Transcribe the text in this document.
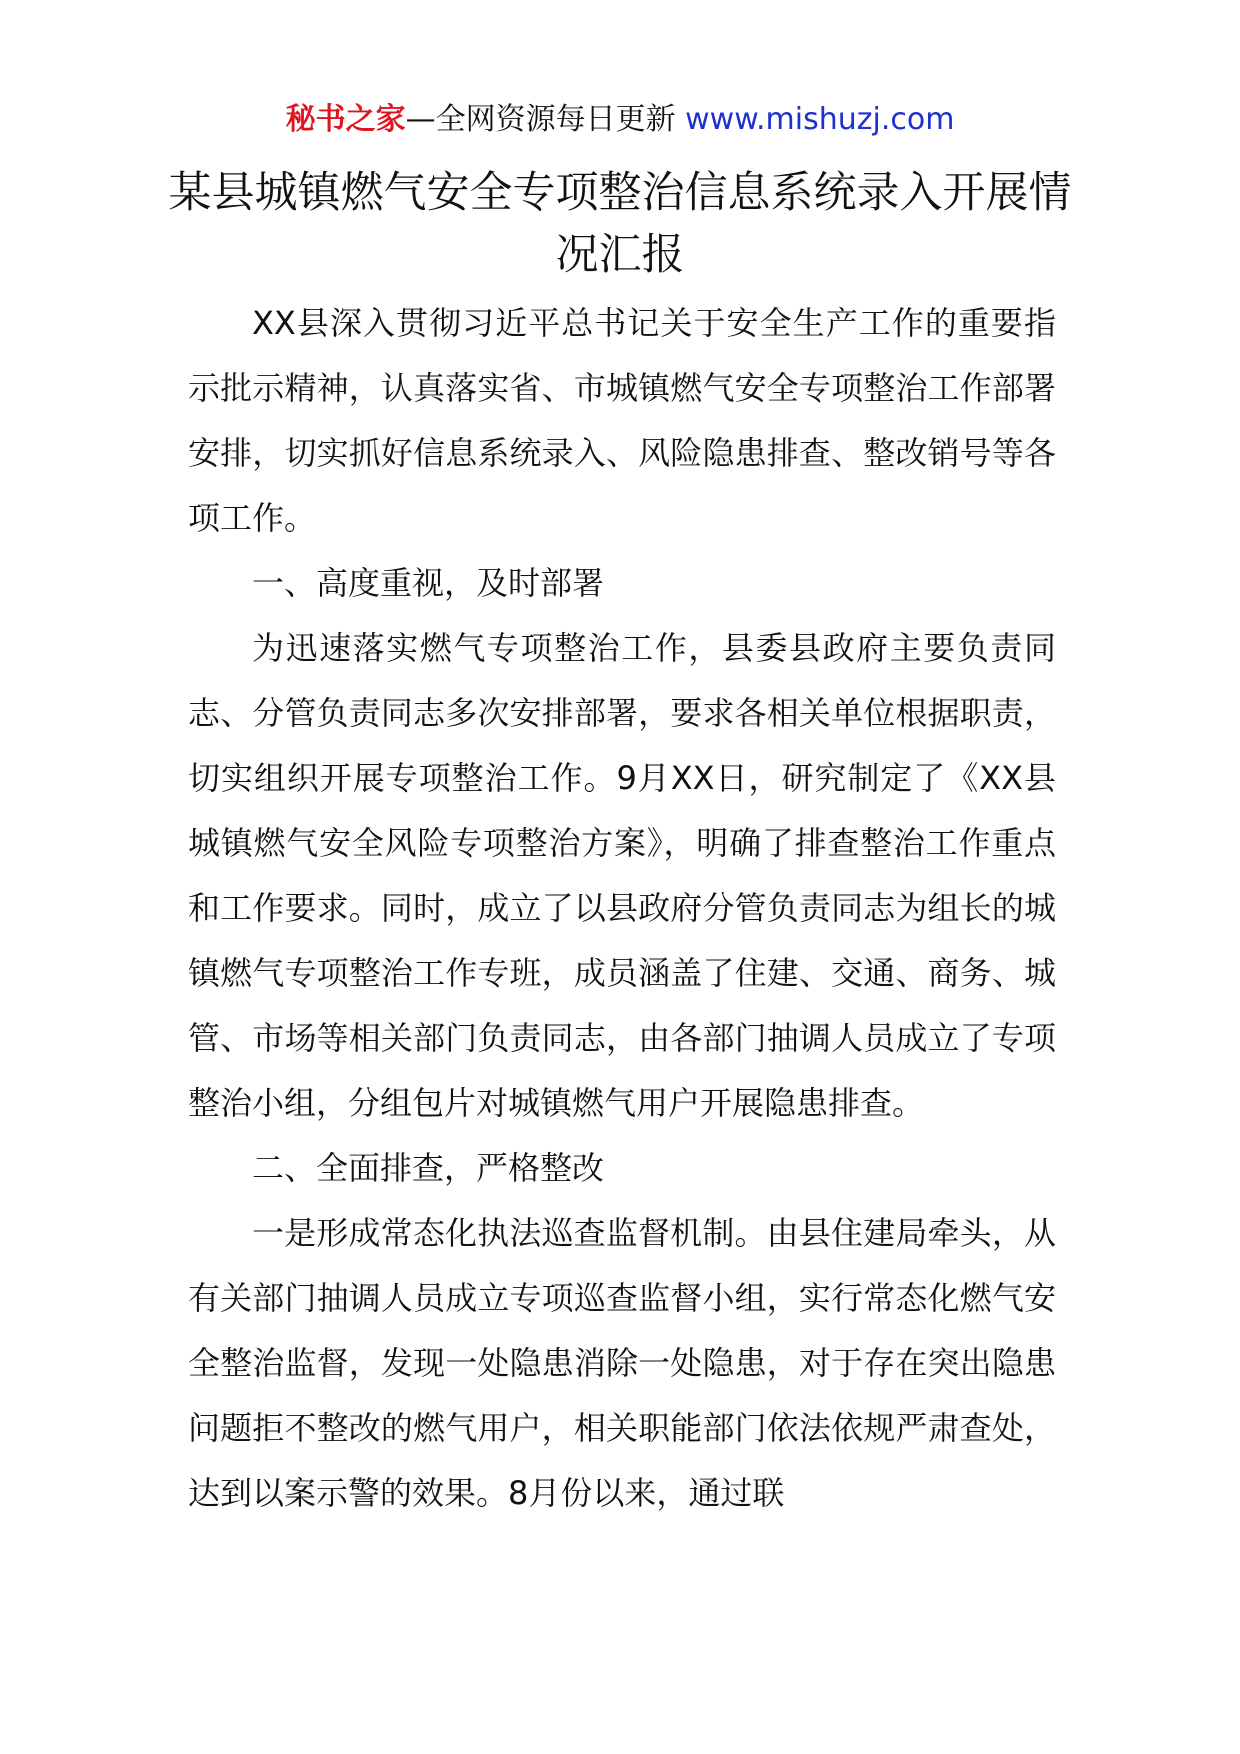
秘书之家—全网资源每日更新 www.mishuzj.com
某县城镇燃气安全专项整治信息系统录入开展情况汇报

XX县深入贯彻习近平总书记关于安全生产工作的重要指示批示精神，认真落实省、市城镇燃气安全专项整治工作部署安排，切实抓好信息系统录入、风险隐患排查、整改销号等各项工作。

一、高度重视，及时部署

为迅速落实燃气专项整治工作，县委县政府主要负责同志、分管负责同志多次安排部署，要求各相关单位根据职责，切实组织开展专项整治工作。9月XX日，研究制定了《XX县城镇燃气安全风险专项整治方案》，明确了排查整治工作重点和工作要求。同时，成立了以县政府分管负责同志为组长的城镇燃气专项整治工作专班，成员涵盖了住建、交通、商务、城管、市场等相关部门负责同志，由各部门抽调人员成立了专项整治小组，分组包片对城镇燃气用户开展隐患排查。

二、全面排查，严格整改

一是形成常态化执法巡查监督机制。由县住建局牵头，从有关部门抽调人员成立专项巡查监督小组，实行常态化燃气安全整治监督，发现一处隐患消除一处隐患，对于存在突出隐患问题拒不整改的燃气用户，相关职能部门依法依规严肃查处，达到以案示警的效果。8月份以来，通过联
